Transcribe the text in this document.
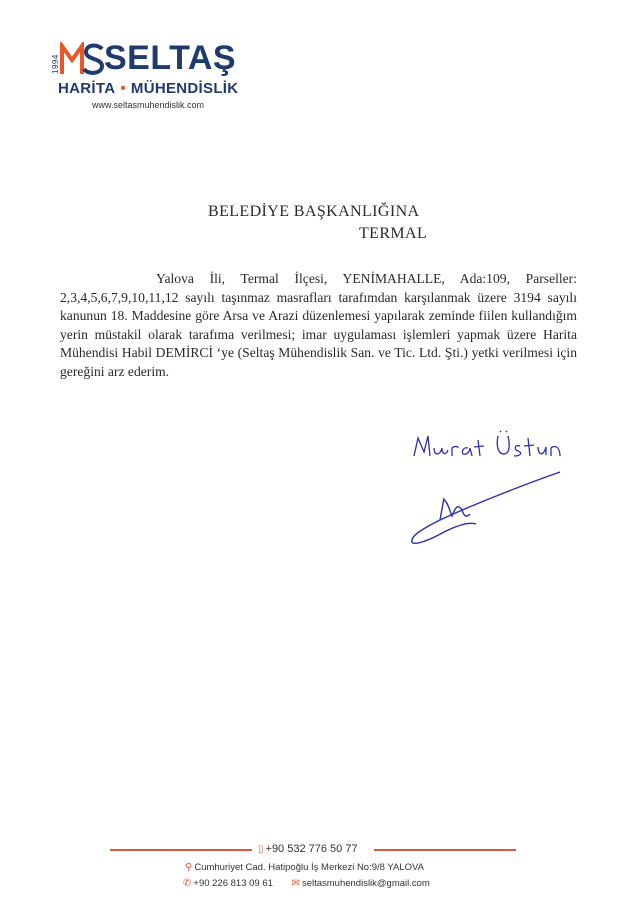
1994 SELTAŞ
HARİTA • MÜHENDİSLİK
www.seltasmuhendislik.com
BELEDİYE BAŞKANLIĞINA
TERMAL

Yalova İli, Termal İlçesi, YENİMAHALLE, Ada:109, Parseller: 2,3,4,5,6,7,9,10,11,12 sayılı taşınmaz masrafları tarafımdan karşılanmak üzere 3194 sayılı kanunun 18. Maddesine göre Arsa ve Arazi düzenlemesi yapılarak zeminde fiilen kullandığım yerin müstakil olarak tarafıma verilmesi; imar uygulaması işlemleri yapmak üzere Harita Mühendisi Habil DEMİRCİ ‘ye (Seltaş Mühendislik San. ve Tic. Ltd. Şti.) yetki verilmesi için gereğini arz ederim.

▯ +90 532 776 50 77
⚲ Cumhuriyet Cad. Hatipoğlu İş Merkezi No:9/8 YALOVA
✆ +90 226 813 09 61 ✉ seltasmuhendislik@gmail.com
